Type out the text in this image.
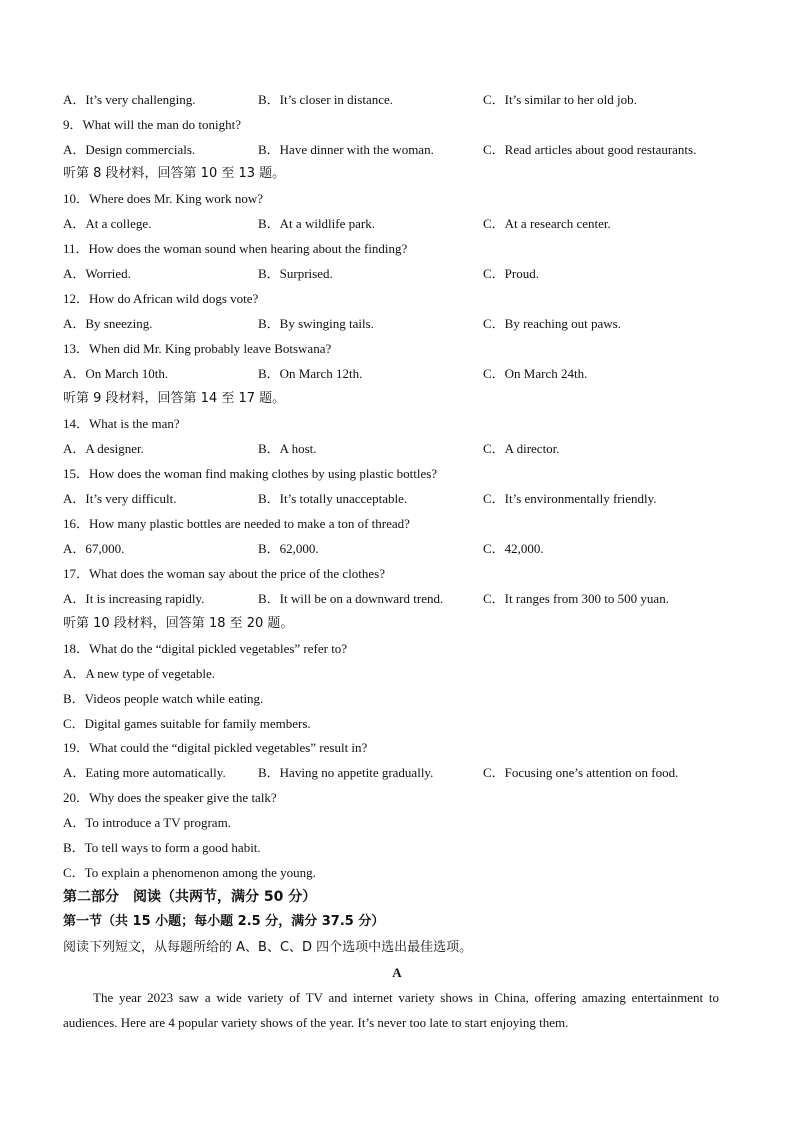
A．It’s very challenging.	B．It’s closer in distance.	C．It’s similar to her old job.
9．What will the man do tonight?
A．Design commercials.	B．Have dinner with the woman.	C．Read articles about good restaurants.
听第 8 段材料，回答第 10 至 13 题。
10．Where does Mr. King work now?
A．At a college.	B．At a wildlife park.	C．At a research center.
11．How does the woman sound when hearing about the finding?
A．Worried.	B．Surprised.	C．Proud.
12．How do African wild dogs vote?
A．By sneezing.	B．By swinging tails.	C．By reaching out paws.
13．When did Mr. King probably leave Botswana?
A．On March 10th.	B．On March 12th.	C．On March 24th.
听第 9 段材料，回答第 14 至 17 题。
14．What is the man?
A．A designer.	B．A host.	C．A director.
15．How does the woman find making clothes by using plastic bottles?
A．It’s very difficult.	B．It’s totally unacceptable.	C．It’s environmentally friendly.
16．How many plastic bottles are needed to make a ton of thread?
A．67,000.	B．62,000.	C．42,000.
17．What does the woman say about the price of the clothes?
A．It is increasing rapidly.	B．It will be on a downward trend.	C．It ranges from 300 to 500 yuan.
听第 10 段材料，回答第 18 至 20 题。
18．What do the “digital pickled vegetables” refer to?
A．A new type of vegetable.
B．Videos people watch while eating.
C．Digital games suitable for family members.
19．What could the “digital pickled vegetables” result in?
A．Eating more automatically. B．Having no appetite gradually.	C．Focusing one’s attention on food.
20．Why does the speaker give the talk?
A．To introduce a TV program.
B．To tell ways to form a good habit.
C．To explain a phenomenon among the young.
第二部分　阅读（共两节，满分 50 分）
第一节（共 15 小题；每小题 2.5 分，满分 37.5 分）
阅读下列短文，从每题所给的 A、B、C、D 四个选项中选出最佳选项。
A
The year 2023 saw a wide variety of TV and internet variety shows in China, offering amazing entertainment to audiences. Here are 4 popular variety shows of the year. It’s never too late to start enjoying them.
